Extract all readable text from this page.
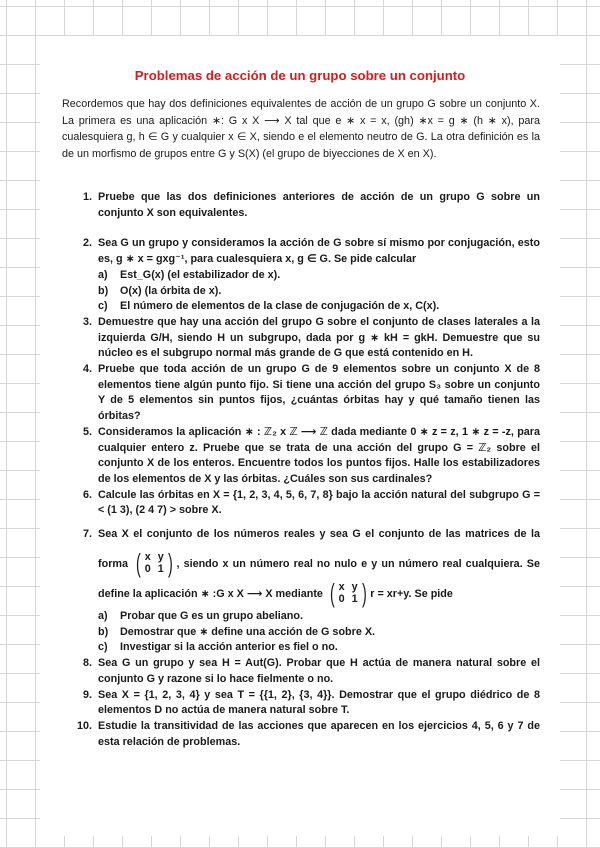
Problemas de acción de un grupo sobre un conjunto

Recordemos que hay dos definiciones equivalentes de acción de un grupo G sobre un conjunto X. La primera es una aplicación ∗: G x X ⟶ X tal que e ∗ x = x, (gh) ∗x = g ∗ (h ∗ x), para cualesquiera g, h ∈ G y cualquier x ∈ X, siendo e el elemento neutro de G. La otra definición es la de un morfismo de grupos entre G y S(X) (el grupo de biyecciones de X en X).

1. Pruebe que las dos definiciones anteriores de acción de un grupo G sobre un conjunto X son equivalentes.
2. Sea G un grupo y consideramos la acción de G sobre sí mismo por conjugación, esto es, g ∗ x = gxg⁻¹, para cualesquiera x, g ∈ G. Se pide calcular
a) Est_G(x) (el estabilizador de x).
b) O(x) (la órbita de x).
c) El número de elementos de la clase de conjugación de x, C(x).
3. Demuestre que hay una acción del grupo G sobre el conjunto de clases laterales a la izquierda G/H, siendo H un subgrupo, dada por g ∗ kH = gkH. Demuestre que su núcleo es el subgrupo normal más grande de G que está contenido en H.
4. Pruebe que toda acción de un grupo G de 9 elementos sobre un conjunto X de 8 elementos tiene algún punto fijo. Si tiene una acción del grupo S₃ sobre un conjunto Y de 5 elementos sin puntos fijos, ¿cuántas órbitas hay y qué tamaño tienen las órbitas?
5. Consideramos la aplicación ∗ : ℤ₂ x ℤ ⟶ ℤ dada mediante 0 ∗ z = z, 1 ∗ z = -z, para cualquier entero z. Pruebe que se trata de una acción del grupo G = ℤ₂ sobre el conjunto X de los enteros. Encuentre todos los puntos fijos. Halle los estabilizadores de los elementos de X y las órbitas. ¿Cuáles son sus cardinales?
6. Calcule las órbitas en X = {1, 2, 3, 4, 5, 6, 7, 8} bajo la acción natural del subgrupo G = < (1 3), (2 4 7) > sobre X.
7. Sea X el conjunto de los números reales y sea G el conjunto de las matrices de la forma ( x y
0 1 ) , siendo x un número real no nulo e y un número real cualquiera. Se define la aplicación ∗ :G x X ⟶ X mediante ( x y
0 1 ) r = xr+y. Se pide
a) Probar que G es un grupo abeliano.
b) Demostrar que ∗ define una acción de G sobre X.
c) Investigar si la acción anterior es fiel o no.
8. Sea G un grupo y sea H = Aut(G). Probar que H actúa de manera natural sobre el conjunto G y razone si lo hace fielmente o no.
9. Sea X = {1, 2, 3, 4} y sea T = {{1, 2}, {3, 4}}. Demostrar que el grupo diédrico de 8 elementos D no actúa de manera natural sobre T.
10. Estudie la transitividad de las acciones que aparecen en los ejercicios 4, 5, 6 y 7 de esta relación de problemas.
